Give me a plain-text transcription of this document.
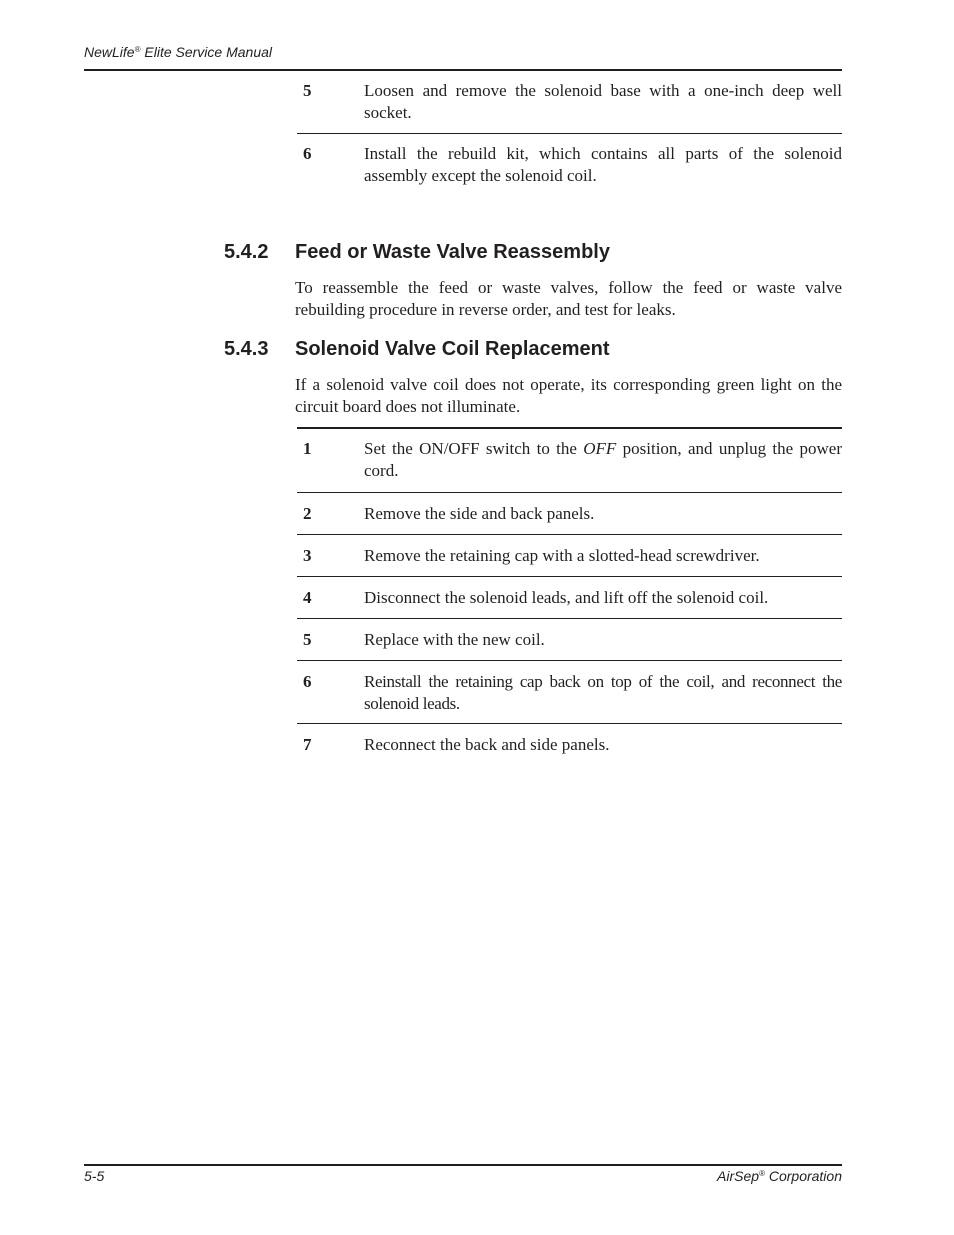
NewLife® Elite Service Manual
5	Loosen and remove the solenoid base with a one-inch deep well socket.
6	Install the rebuild kit, which contains all parts of the solenoid assembly except the solenoid coil.
5.4.2 Feed or Waste Valve Reassembly
To reassemble the feed or waste valves, follow the feed or waste valve rebuilding procedure in reverse order, and test for leaks.
5.4.3 Solenoid Valve Coil Replacement
If a solenoid valve coil does not operate, its corresponding green light on the circuit board does not illuminate.
1	Set the ON/OFF switch to the OFF position, and unplug the power cord.
2	Remove the side and back panels.
3	Remove the retaining cap with a slotted-head screwdriver.
4	Disconnect the solenoid leads, and lift off the solenoid coil.
5	Replace with the new coil.
6	Reinstall the retaining cap back on top of the coil, and reconnect the solenoid leads.
7	Reconnect the back and side panels.
5-5	AirSep® Corporation
